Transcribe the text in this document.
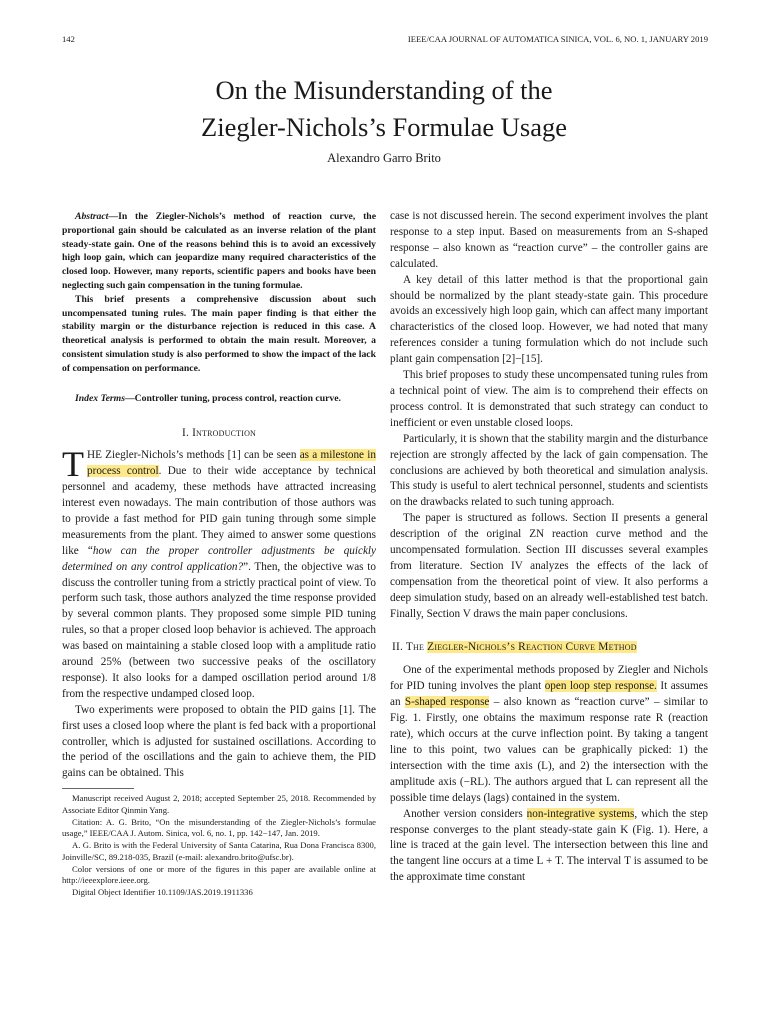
142	IEEE/CAA JOURNAL OF AUTOMATICA SINICA, VOL. 6, NO. 1, JANUARY 2019
On the Misunderstanding of the
Ziegler-Nichols’s Formulae Usage
Alexandro Garro Brito

Abstract—In the Ziegler-Nichols’s method of reaction curve, the proportional gain should be calculated as an inverse relation of the plant steady-state gain. One of the reasons behind this is to avoid an excessively high loop gain, which can jeopardize many required characteristics of the closed loop. However, many reports, scientific papers and books have been neglecting such gain compensation in the tuning formulae.

This brief presents a comprehensive discussion about such uncompensated tuning rules. The main paper finding is that either the stability margin or the disturbance rejection is reduced in this case. A theoretical analysis is performed to obtain the main result. Moreover, a consistent simulation study is also performed to show the impact of the lack of compensation on performance.

Index Terms—Controller tuning, process control, reaction curve.

I. Introduction

THE Ziegler-Nichols’s methods [1] can be seen as a milestone in process control. Due to their wide acceptance by technical personnel and academy, these methods have attracted increasing interest even nowadays. The main contribution of those authors was to provide a fast method for PID gain tuning through some simple measurements from the plant. They aimed to answer some questions like “how can the proper controller adjustments be quickly determined on any control application?”. Then, the objective was to discuss the controller tuning from a strictly practical point of view. To perform such task, those authors analyzed the time response provided by several common plants. They proposed some simple PID tuning rules, so that a proper closed loop behavior is achieved. The approach was based on maintaining a stable closed loop with a amplitude ratio around 25% (between two successive peaks of the oscillatory response). It also looks for a damped oscillation period around 1/8 from the respective undamped closed loop.

Two experiments were proposed to obtain the PID gains [1]. The first uses a closed loop where the plant is fed back with a proportional controller, which is adjusted for sustained oscillations. According to the period of the oscillations and the gain to achieve them, the PID gains can be obtained. This

Manuscript received August 2, 2018; accepted September 25, 2018. Recommended by Associate Editor Qinmin Yang.

Citation: A. G. Brito, “On the misunderstanding of the Ziegler-Nichols’s formulae usage,” IEEE/CAA J. Autom. Sinica, vol. 6, no. 1, pp. 142−147, Jan. 2019.

A. G. Brito is with the Federal University of Santa Catarina, Rua Dona Francisca 8300, Joinville/SC, 89.218-035, Brazil (e-mail: alexandro.brito@ufsc.br).

Color versions of one or more of the figures in this paper are available online at http://ieeexplore.ieee.org.

Digital Object Identifier 10.1109/JAS.2019.1911336

case is not discussed herein. The second experiment involves the plant response to a step input. Based on measurements from an S-shaped response – also known as “reaction curve” – the controller gains are calculated.

A key detail of this latter method is that the proportional gain should be normalized by the plant steady-state gain. This procedure avoids an excessively high loop gain, which can affect many important characteristics of the closed loop. However, we had noted that many references consider a tuning formulation which do not include such plant gain compensation [2]−[15].

This brief proposes to study these uncompensated tuning rules from a technical point of view. The aim is to comprehend their effects on process control. It is demonstrated that such strategy can conduct to inefficient or even unstable closed loops.

Particularly, it is shown that the stability margin and the disturbance rejection are strongly affected by the lack of gain compensation. The conclusions are achieved by both theoretical and simulation analysis. This study is useful to alert technical personnel, students and scientists on the drawbacks related to such tuning approach.

The paper is structured as follows. Section II presents a general description of the original ZN reaction curve method and the uncompensated formulation. Section III discusses several examples from literature. Section IV analyzes the effects of the lack of compensation from the theoretical point of view. It also performs a deep simulation study, based on an already well-established test batch. Finally, Section V draws the main paper conclusions.

II. The Ziegler-Nichols’s Reaction Curve Method

One of the experimental methods proposed by Ziegler and Nichols for PID tuning involves the plant open loop step response. It assumes an S-shaped response – also known as “reaction curve” – similar to Fig. 1. Firstly, one obtains the maximum response rate R (reaction rate), which occurs at the curve inflection point. By taking a tangent line to this point, two values can be graphically picked: 1) the intersection with the time axis (L), and 2) the intersection with the amplitude axis (−RL). The authors argued that L can represent all the possible time delays (lags) contained in the system.

Another version considers non-integrative systems, which the step response converges to the plant steady-state gain K (Fig. 1). Here, a line is traced at the gain level. The intersection between this line and the tangent line occurs at a time L + T. The interval T is assumed to be the approximate time constant
